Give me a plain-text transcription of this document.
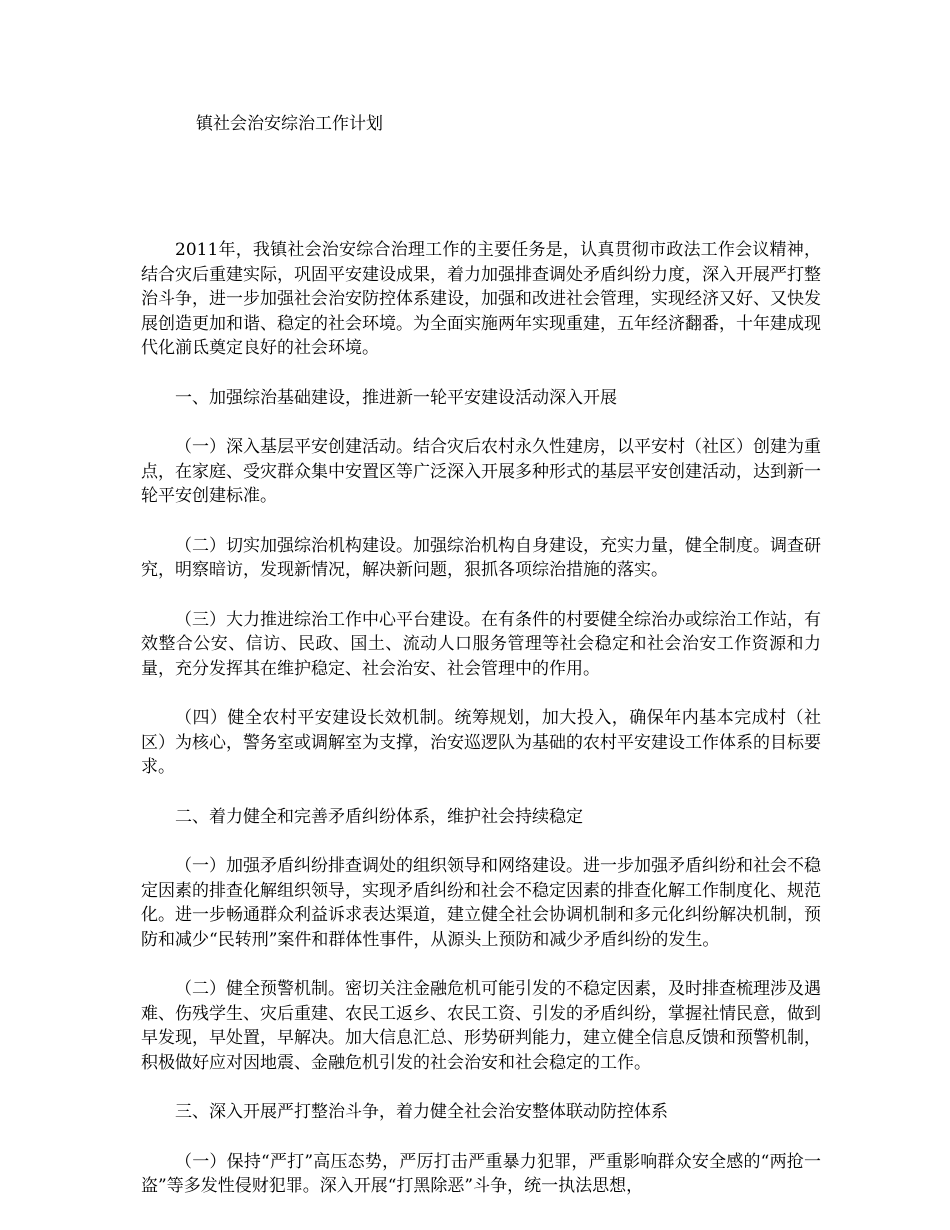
镇社会治安综治工作计划

2011年，我镇社会治安综合治理工作的主要任务是，认真贯彻市政法工作会议精神，结合灾后重建实际，巩固平安建设成果，着力加强排查调处矛盾纠纷力度，深入开展严打整治斗争，进一步加强社会治安防控体系建设，加强和改进社会管理，实现经济又好、又快发展创造更加和谐、稳定的社会环境。为全面实施两年实现重建，五年经济翻番，十年建成现代化湔氐奠定良好的社会环境。

一、加强综治基础建设，推进新一轮平安建设活动深入开展

（一）深入基层平安创建活动。结合灾后农村永久性建房，以平安村（社区）创建为重点，在家庭、受灾群众集中安置区等广泛深入开展多种形式的基层平安创建活动，达到新一轮平安创建标准。

（二）切实加强综治机构建设。加强综治机构自身建设，充实力量，健全制度。调查研究，明察暗访，发现新情况，解决新问题，狠抓各项综治措施的落实。

（三）大力推进综治工作中心平台建设。在有条件的村要健全综治办或综治工作站，有效整合公安、信访、民政、国土、流动人口服务管理等社会稳定和社会治安工作资源和力量，充分发挥其在维护稳定、社会治安、社会管理中的作用。

（四）健全农村平安建设长效机制。统筹规划，加大投入，确保年内基本完成村（社区）为核心，警务室或调解室为支撑，治安巡逻队为基础的农村平安建设工作体系的目标要求。

二、着力健全和完善矛盾纠纷体系，维护社会持续稳定

（一）加强矛盾纠纷排查调处的组织领导和网络建设。进一步加强矛盾纠纷和社会不稳定因素的排查化解组织领导，实现矛盾纠纷和社会不稳定因素的排查化解工作制度化、规范化。进一步畅通群众利益诉求表达渠道，建立健全社会协调机制和多元化纠纷解决机制，预防和减少“民转刑”案件和群体性事件，从源头上预防和减少矛盾纠纷的发生。

（二）健全预警机制。密切关注金融危机可能引发的不稳定因素，及时排查梳理涉及遇难、伤残学生、灾后重建、农民工返乡、农民工资、引发的矛盾纠纷，掌握社情民意，做到早发现，早处置，早解决。加大信息汇总、形势研判能力，建立健全信息反馈和预警机制，积极做好应对因地震、金融危机引发的社会治安和社会稳定的工作。

三、深入开展严打整治斗争，着力健全社会治安整体联动防控体系

（一）保持“严打”高压态势，严厉打击严重暴力犯罪，严重影响群众安全感的“两抢一盗”等多发性侵财犯罪。深入开展“打黑除恶”斗争，统一执法思想，
